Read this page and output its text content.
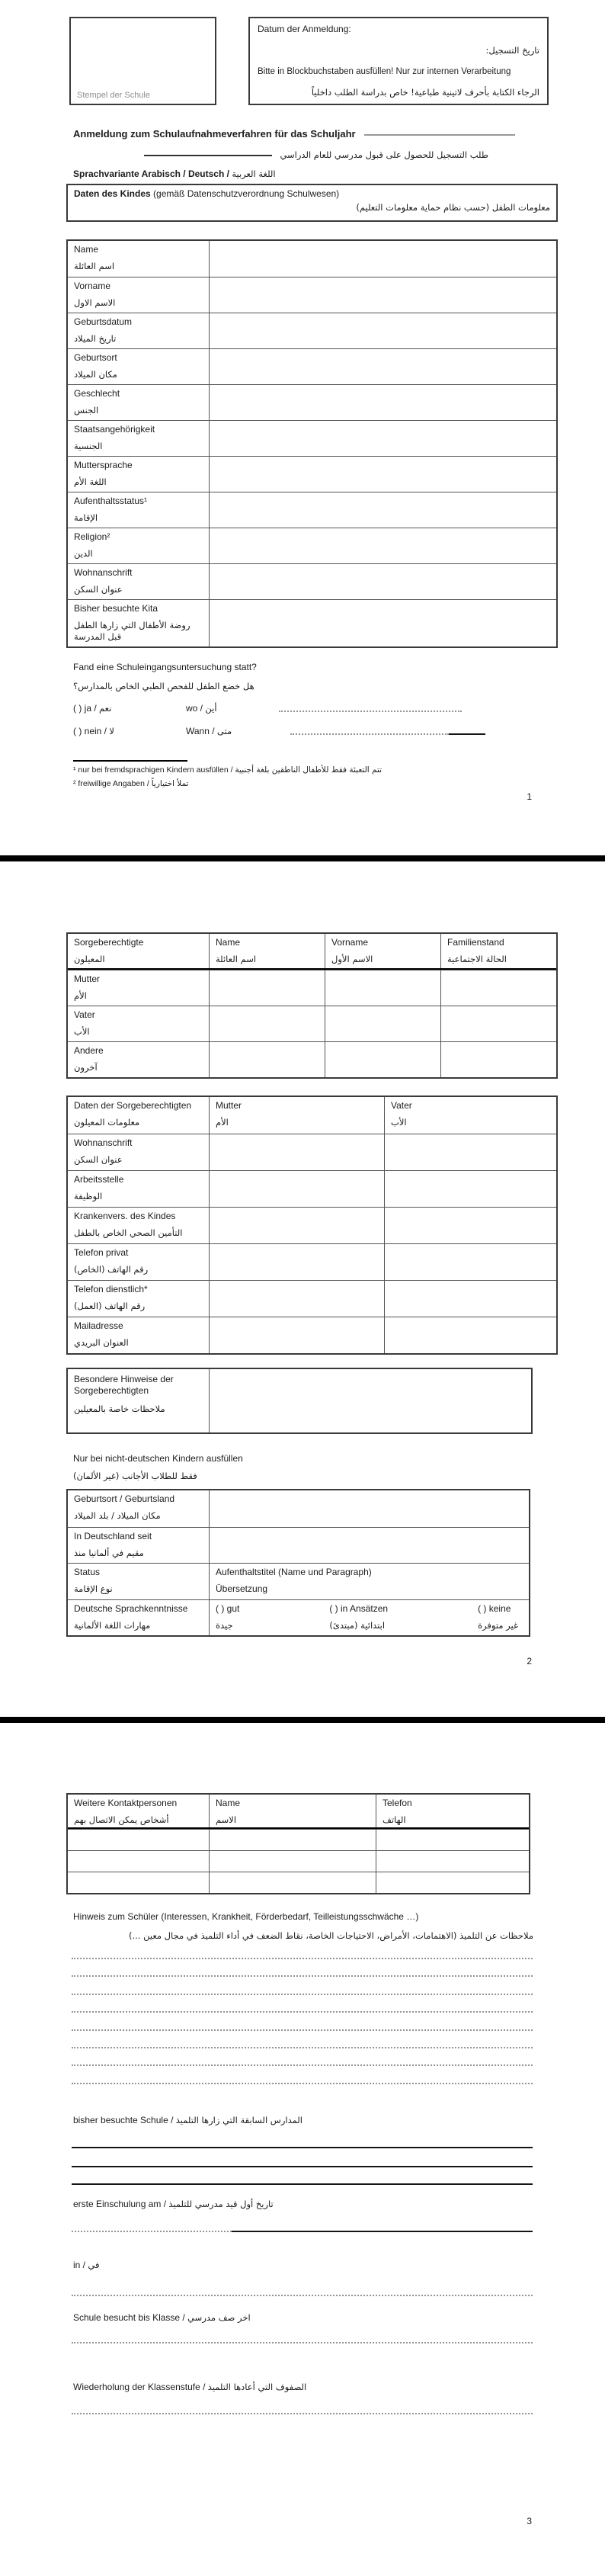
Stempel der Schule
Datum der Anmeldung:
تاريخ التسجيل:
Bitte in Blockbuchstaben ausfüllen! Nur zur internen Verarbeitung
الرجاء الكتابة بأحرف لاتينية طباعية! خاص بدراسة الطلب داخلياً
Anmeldung zum Schulaufnahmeverfahren für das Schuljahr
طلب التسجيل للحصول على قبول مدرسي للعام الدراسي
Sprachvariante Arabisch / Deutsch / اللغة العربية
Daten des Kindes (gemäß Datenschutzverordnung Schulwesen)
معلومات الطفل (حسب نظام حماية معلومات التعليم)
Name
اسم العائلة
Vorname
الاسم الاول
Geburtsdatum
تاريخ الميلاد
Geburtsort
مكان الميلاد
Geschlecht
الجنس
Staatsangehörigkeit
الجنسية
Muttersprache
اللغة الأم
Aufenthaltsstatus¹
الإقامة
Religion²
الدين
Wohnanschrift
عنوان السكن
Bisher besuchte Kita
روضة الأطفال التي زارها الطفل قبل المدرسة
Fand eine Schuleingangsuntersuchung statt?
هل خضع الطفل للفحص الطبي الخاص بالمدارس؟
( ) ja / نعم	wo / أين
( ) nein / لا	Wann / متى
¹ nur bei fremdsprachigen Kindern ausfüllen / تتم التعبئة فقط للأطفال الناطقين بلغة أجنبية
² freiwillige Angaben / تملأ اختيارياً
1
Sorgeberechtigte
المعيلون
Name
اسم العائلة
Vorname
الاسم الأول
Familienstand
الحالة الاجتماعية
Mutter
الأم
Vater
الأب
Andere
آخرون
Daten der Sorgeberechtigten
معلومات المعيلون
Mutter
الأم
Vater
الأب
Wohnanschrift
عنوان السكن
Arbeitsstelle
الوظيفة
Krankenvers. des Kindes
التأمين الصحي الخاص بالطفل
Telefon privat
رقم الهاتف (الخاص)
Telefon dienstlich*
رقم الهاتف (العمل)
Mailadresse
العنوان البريدي
Besondere Hinweise der Sorgeberechtigten
ملاحظات خاصة بالمعيلين
Nur bei nicht-deutschen Kindern ausfüllen
فقط للطلاب الأجانب (غير الألمان)
Geburtsort / Geburtsland
مكان الميلاد / بلد الميلاد
In Deutschland seit
مقيم في ألمانيا منذ
Status
نوع الإقامة
Aufenthaltstitel (Name und Paragraph)
Übersetzung
Deutsche Sprachkenntnisse
مهارات اللغة الألمانية
( ) gut
جيدة
( ) in Ansätzen
ابتدائية (مبتدئ)
( ) keine
غير متوفرة
2
Weitere Kontaktpersonen
أشخاص يمكن الاتصال بهم
Name
الاسم
Telefon
الهاتف
Hinweis zum Schüler (Interessen, Krankheit, Förderbedarf, Teilleistungsschwäche …)
ملاحظات عن التلميذ (الاهتمامات، الأمراض، الاحتياجات الخاصة، نقاط الضعف في أداء التلميذ في مجال معين ...)
bisher besuchte Schule / المدارس السابقة التي زارها التلميذ
erste Einschulung am / تاريخ أول قيد مدرسي للتلميذ
in / في
Schule besucht bis Klasse / اخر صف مدرسي
Wiederholung der Klassenstufe / الصفوف التي أعادها التلميذ
3
